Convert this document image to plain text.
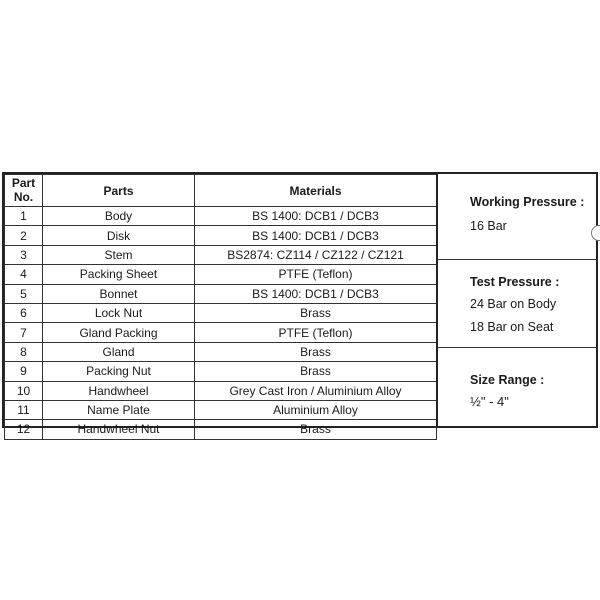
Part
No.	Parts	Materials
1	Body	BS 1400: DCB1 / DCB3
2	Disk	BS 1400: DCB1 / DCB3
3	Stem	BS2874: CZ114 / CZ122 / CZ121
4	Packing Sheet	PTFE (Teflon)
5	Bonnet	BS 1400: DCB1 / DCB3
6	Lock Nut	Brass
7	Gland Packing	PTFE (Teflon)
8	Gland	Brass
9	Packing Nut	Brass
10	Handwheel	Grey Cast Iron / Aluminium Alloy
11	Name Plate	Aluminium Alloy
12	Handwheel Nut	Brass
Working Pressure :
16 Bar
Test Pressure :
24 Bar on Body
18 Bar on Seat
Size Range :
½" - 4"
